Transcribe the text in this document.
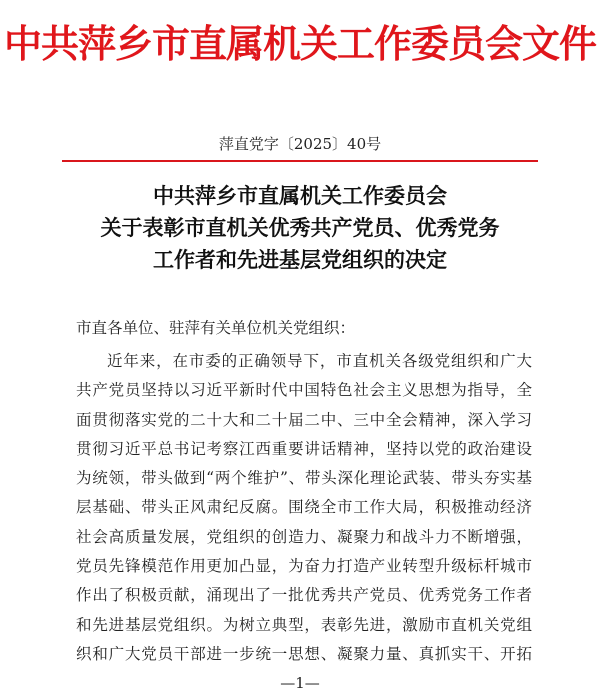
中共萍乡市直属机关工作委员会文件
萍直党字〔2025〕40号
中共萍乡市直属机关工作委员会
关于表彰市直机关优秀共产党员、优秀党务
工作者和先进基层党组织的决定
市直各单位、驻萍有关单位机关党组织：
近年来，在市委的正确领导下，市直机关各级党组织和广大
共产党员坚持以习近平新时代中国特色社会主义思想为指导，全
面贯彻落实党的二十大和二十届二中、三中全会精神，深入学习
贯彻习近平总书记考察江西重要讲话精神，坚持以党的政治建设
为统领，带头做到“两个维护”、带头深化理论武装、带头夯实基
层基础、带头正风肃纪反腐。围绕全市工作大局，积极推动经济
社会高质量发展，党组织的创造力、凝聚力和战斗力不断增强，
党员先锋模范作用更加凸显，为奋力打造产业转型升级标杆城市
作出了积极贡献，涌现出了一批优秀共产党员、优秀党务工作者
和先进基层党组织。为树立典型，表彰先进，激励市直机关党组
织和广大党员干部进一步统一思想、凝聚力量、真抓实干、开拓
—1—
